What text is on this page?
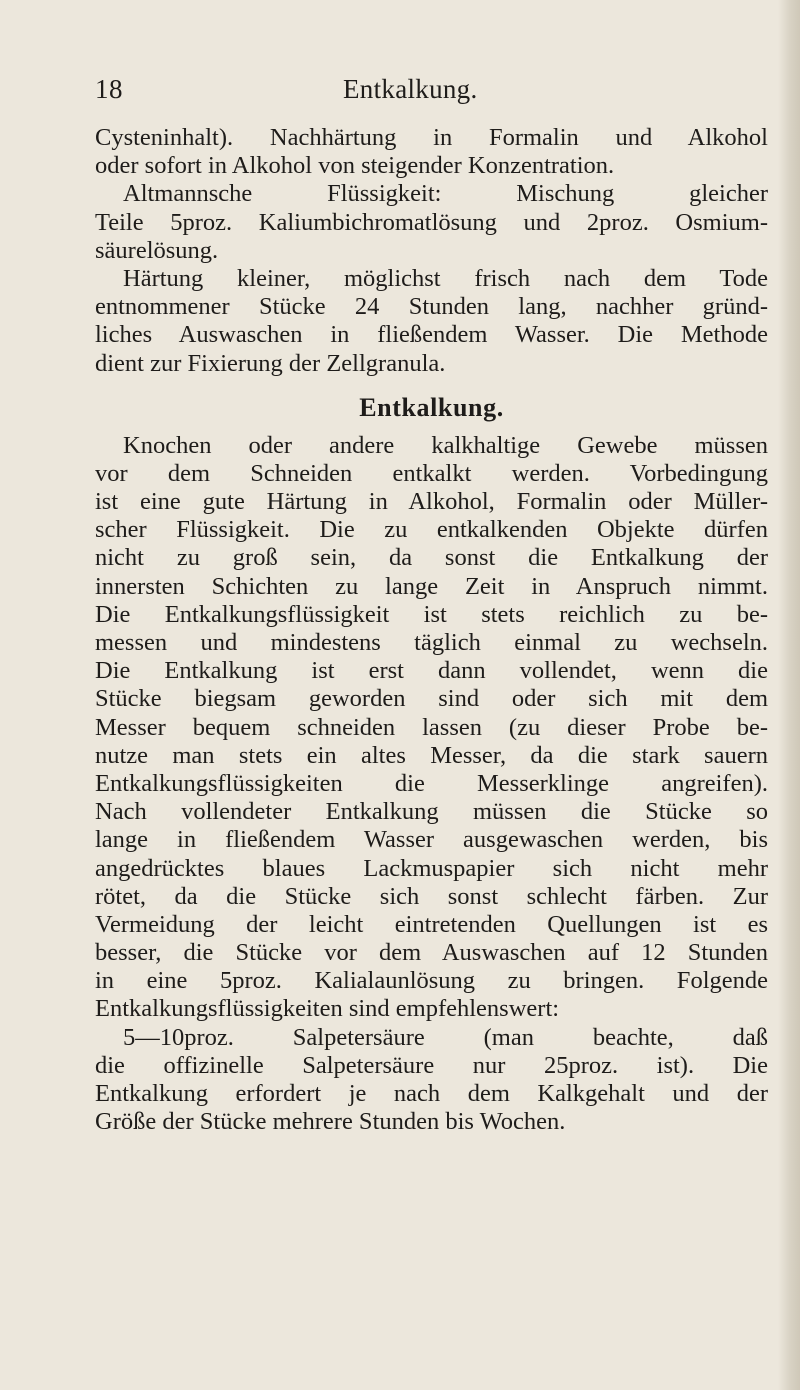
18	Entkalkung.
Cysteninhalt). Nachhärtung in Formalin und Alkohol
oder sofort in Alkohol von steigender Konzentration.
Altmannsche Flüssigkeit: Mischung gleicher
Teile 5proz. Kaliumbichromatlösung und 2proz. Osmium-
säurelösung.
Härtung kleiner, möglichst frisch nach dem Tode
entnommener Stücke 24 Stunden lang, nachher gründ-
liches Auswaschen in fließendem Wasser. Die Methode
dient zur Fixierung der Zellgranula.
Entkalkung.
Knochen oder andere kalkhaltige Gewebe müssen
vor dem Schneiden entkalkt werden. Vorbedingung
ist eine gute Härtung in Alkohol, Formalin oder Müller-
scher Flüssigkeit. Die zu entkalkenden Objekte dürfen
nicht zu groß sein, da sonst die Entkalkung der
innersten Schichten zu lange Zeit in Anspruch nimmt.
Die Entkalkungsflüssigkeit ist stets reichlich zu be-
messen und mindestens täglich einmal zu wechseln.
Die Entkalkung ist erst dann vollendet, wenn die
Stücke biegsam geworden sind oder sich mit dem
Messer bequem schneiden lassen (zu dieser Probe be-
nutze man stets ein altes Messer, da die stark sauern
Entkalkungsflüssigkeiten die Messerklinge angreifen).
Nach vollendeter Entkalkung müssen die Stücke so
lange in fließendem Wasser ausgewaschen werden, bis
angedrücktes blaues Lackmuspapier sich nicht mehr
rötet, da die Stücke sich sonst schlecht färben. Zur
Vermeidung der leicht eintretenden Quellungen ist es
besser, die Stücke vor dem Auswaschen auf 12 Stunden
in eine 5proz. Kalialaunlösung zu bringen. Folgende
Entkalkungsflüssigkeiten sind empfehlenswert:
5—10proz. Salpetersäure (man beachte, daß
die offizinelle Salpetersäure nur 25proz. ist). Die
Entkalkung erfordert je nach dem Kalkgehalt und der
Größe der Stücke mehrere Stunden bis Wochen.
